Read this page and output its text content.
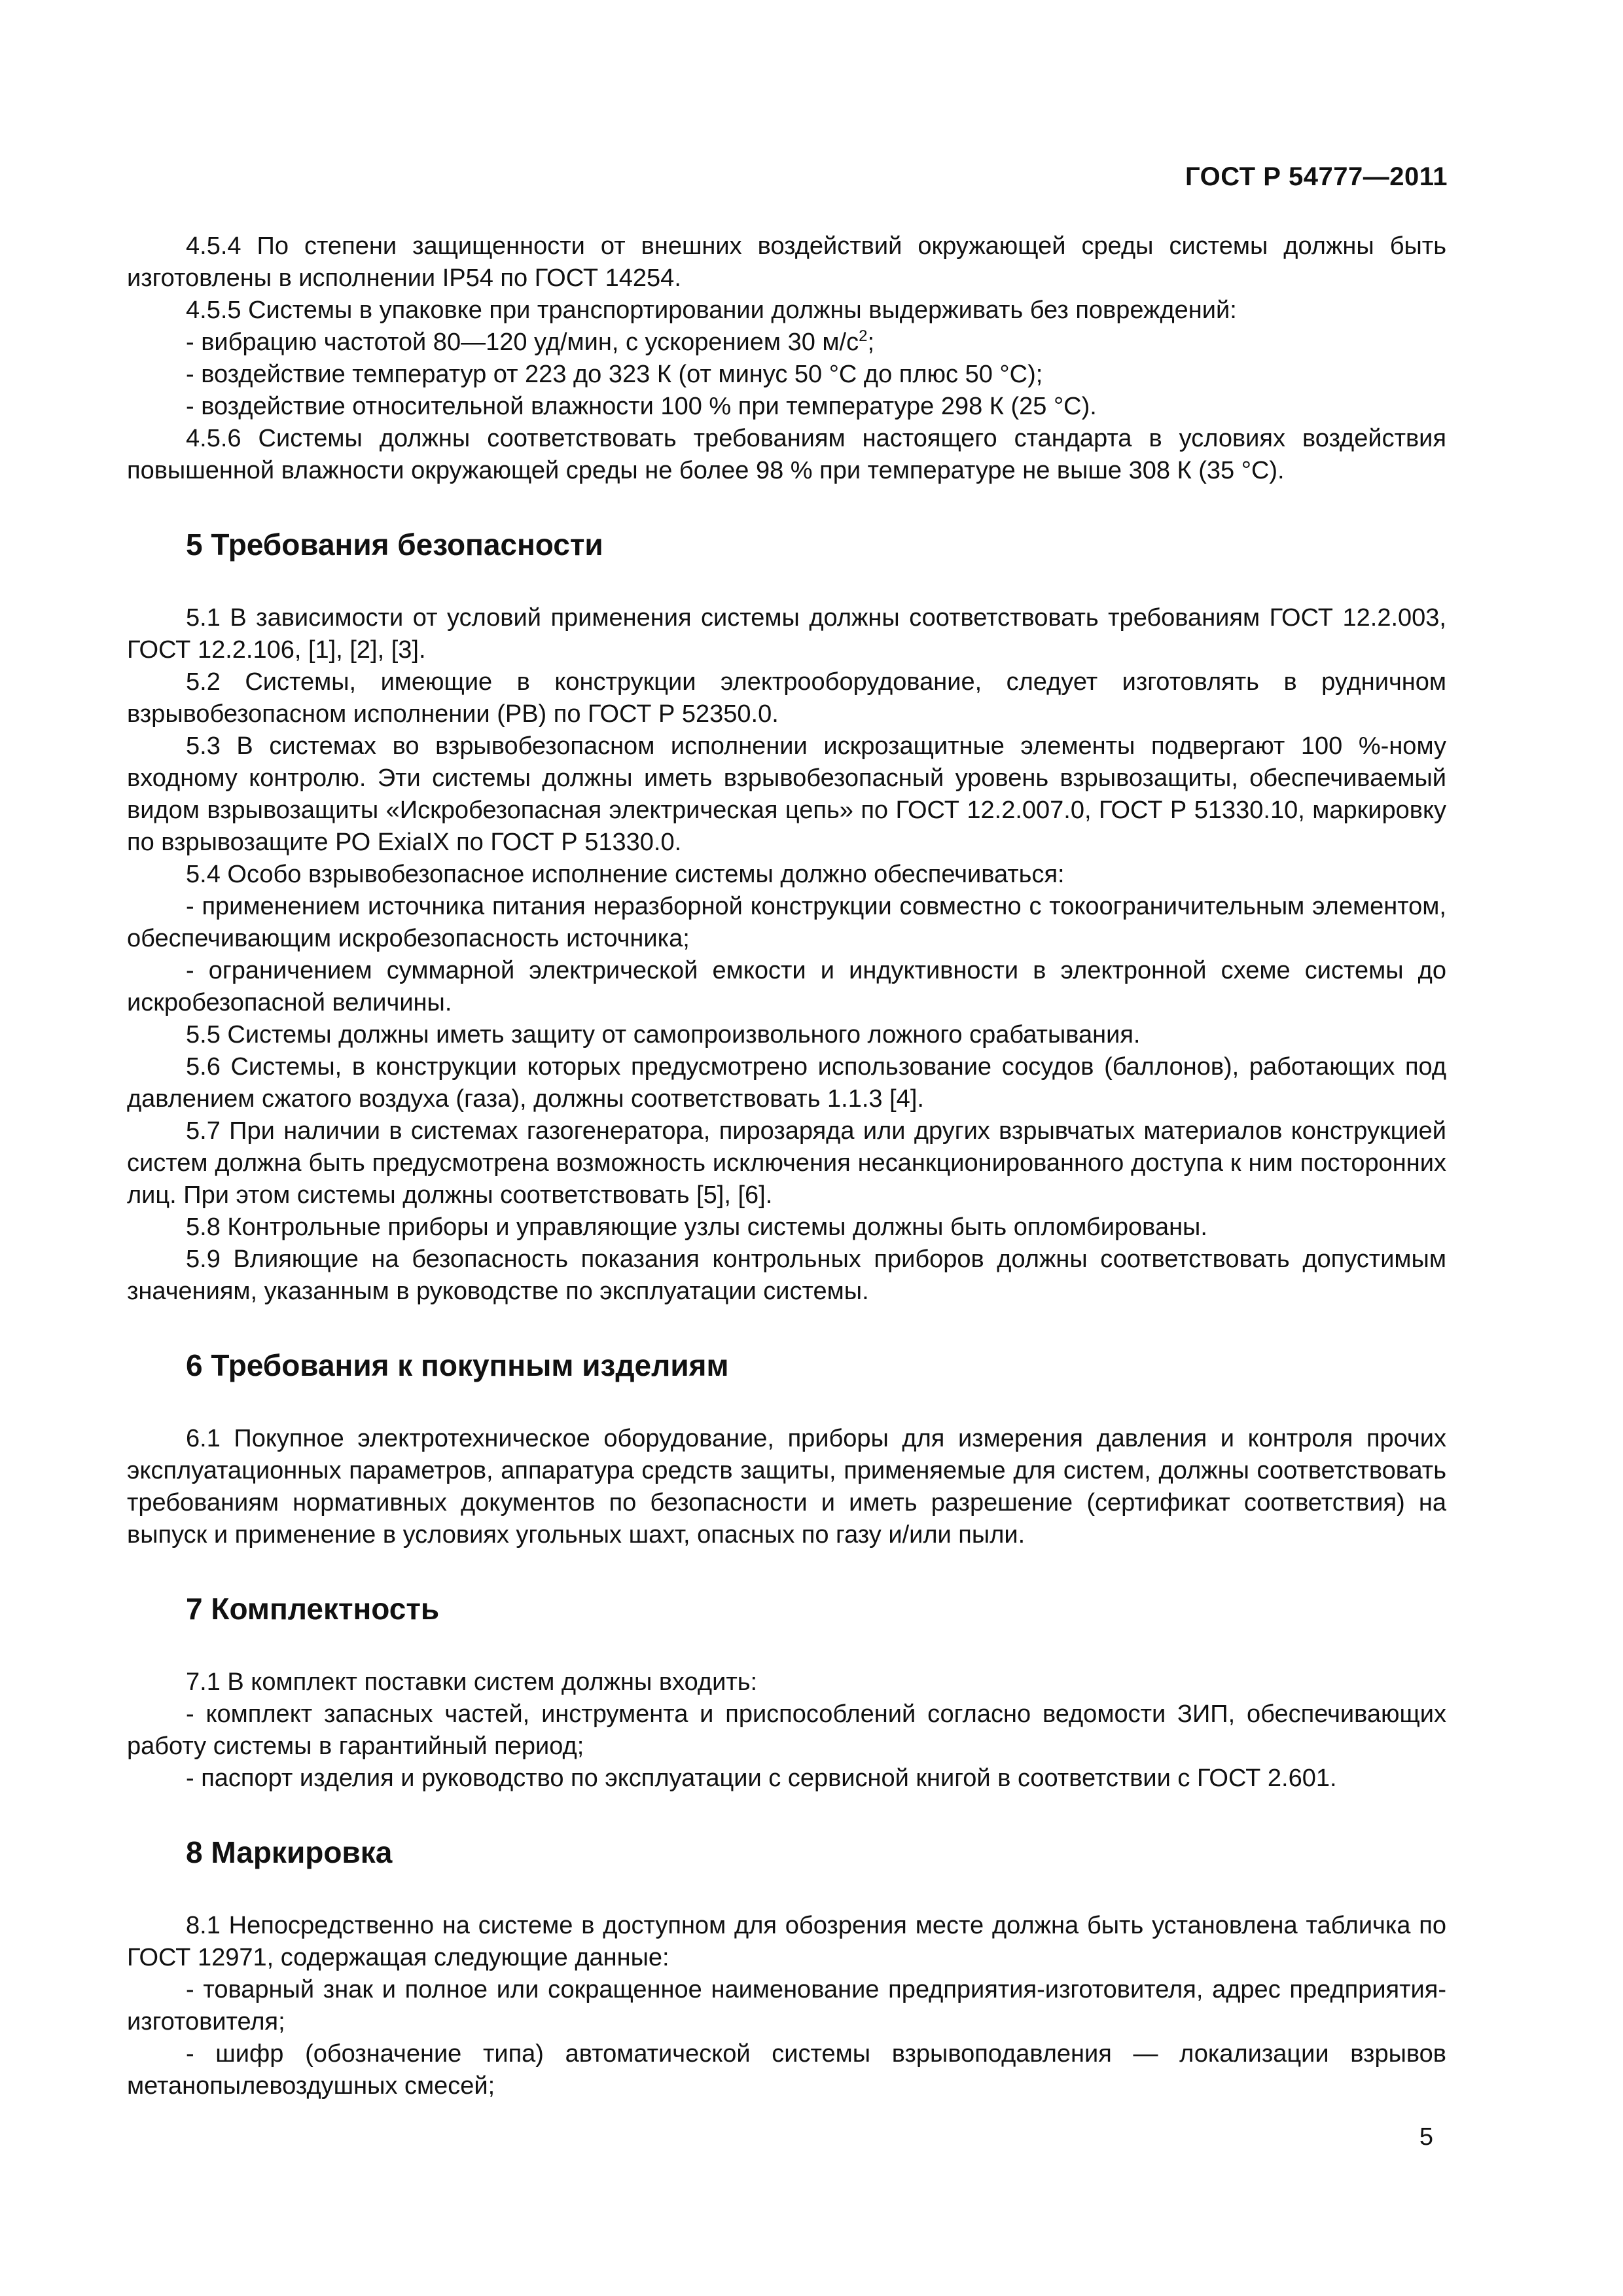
ГОСТ Р 54777—2011

4.5.4 По степени защищенности от внешних воздействий окружающей среды системы должны быть изготовлены в исполнении IP54 по ГОСТ 14254.

4.5.5 Системы в упаковке при транспортировании должны выдерживать без повреждений:

- вибрацию частотой 80—120 уд/мин, с ускорением 30 $м/с^2$;

- воздействие температур от 223 до 323 К (от минус 50 °С до плюс 50 °С);

- воздействие относительной влажности 100 % при температуре 298 К (25 °С).

4.5.6 Системы должны соответствовать требованиям настоящего стандарта в условиях воздействия повышенной влажности окружающей среды не более 98 % при температуре не выше 308 К (35 °С).

5 Требования безопасности

5.1 В зависимости от условий применения системы должны соответствовать требованиям ГОСТ 12.2.003, ГОСТ 12.2.106, [1], [2], [3].

5.2 Системы, имеющие в конструкции электрооборудование, следует изготовлять в рудничном взрывобезопасном исполнении (РВ) по ГОСТ Р 52350.0.

5.3 В системах во взрывобезопасном исполнении искрозащитные элементы подвергают 100 %-ному входному контролю. Эти системы должны иметь взрывобезопасный уровень взрывозащиты, обеспечиваемый видом взрывозащиты «Искробезопасная электрическая цепь» по ГОСТ 12.2.007.0, ГОСТ Р 51330.10, маркировку по взрывозащите РО ExiaIX по ГОСТ Р 51330.0.

5.4 Особо взрывобезопасное исполнение системы должно обеспечиваться:

- применением источника питания неразборной конструкции совместно с токоограничительным элементом, обеспечивающим искробезопасность источника;

- ограничением суммарной электрической емкости и индуктивности в электронной схеме системы до искробезопасной величины.

5.5 Системы должны иметь защиту от самопроизвольного ложного срабатывания.

5.6 Системы, в конструкции которых предусмотрено использование сосудов (баллонов), работающих под давлением сжатого воздуха (газа), должны соответствовать 1.1.3 [4].

5.7 При наличии в системах газогенератора, пирозаряда или других взрывчатых материалов конструкцией систем должна быть предусмотрена возможность исключения несанкционированного доступа к ним посторонних лиц. При этом системы должны соответствовать [5], [6].

5.8 Контрольные приборы и управляющие узлы системы должны быть опломбированы.

5.9 Влияющие на безопасность показания контрольных приборов должны соответствовать допустимым значениям, указанным в руководстве по эксплуатации системы.

6 Требования к покупным изделиям

6.1 Покупное электротехническое оборудование, приборы для измерения давления и контроля прочих эксплуатационных параметров, аппаратура средств защиты, применяемые для систем, должны соответствовать требованиям нормативных документов по безопасности и иметь разрешение (сертификат соответствия) на выпуск и применение в условиях угольных шахт, опасных по газу и/или пыли.

7 Комплектность

7.1 В комплект поставки систем должны входить:

- комплект запасных частей, инструмента и приспособлений согласно ведомости ЗИП, обеспечивающих работу системы в гарантийный период;

- паспорт изделия и руководство по эксплуатации с сервисной книгой в соответствии с ГОСТ 2.601.

8 Маркировка

8.1 Непосредственно на системе в доступном для обозрения месте должна быть установлена табличка по ГОСТ 12971, содержащая следующие данные:

- товарный знак и полное или сокращенное наименование предприятия-изготовителя, адрес предприятия-изготовителя;

- шифр (обозначение типа) автоматической системы взрывоподавления — локализации взрывов метанопылевоздушных смесей;

5
